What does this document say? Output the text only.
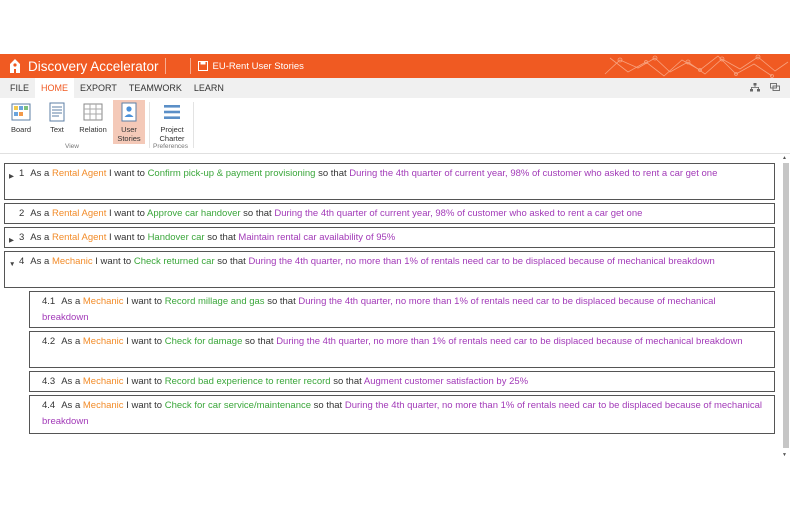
Discovery Accelerator	EU-Rent User Stories
FILE	HOME	EXPORT	TEAMWORK	LEARN
Board	Text	Relation	User
Stories
View
Project
Charter
Preferences
▶ 1 As a Rental Agent I want to Confirm pick-up & payment provisioning so that During the 4th quarter of current year, 98% of customer who asked to rent a car get one
2 As a Rental Agent I want to Approve car handover so that During the 4th quarter of current year, 98% of customer who asked to rent a car get one
▶ 3 As a Rental Agent I want to Handover car so that Maintain rental car availability of 95%
▼ 4 As a Mechanic I want to Check returned car so that During the 4th quarter, no more than 1% of rentals need car to be displaced because of mechanical breakdown
4.1 As a Mechanic I want to Record millage and gas so that During the 4th quarter, no more than 1% of rentals need car to be displaced because of mechanical breakdown
4.2 As a Mechanic I want to Check for damage so that During the 4th quarter, no more than 1% of rentals need car to be displaced because of mechanical breakdown
4.3 As a Mechanic I want to Record bad experience to renter record so that Augment customer satisfaction by 25%
4.4 As a Mechanic I want to Check for car service/maintenance so that During the 4th quarter, no more than 1% of rentals need car to be displaced because of mechanical breakdown
▲
▼
